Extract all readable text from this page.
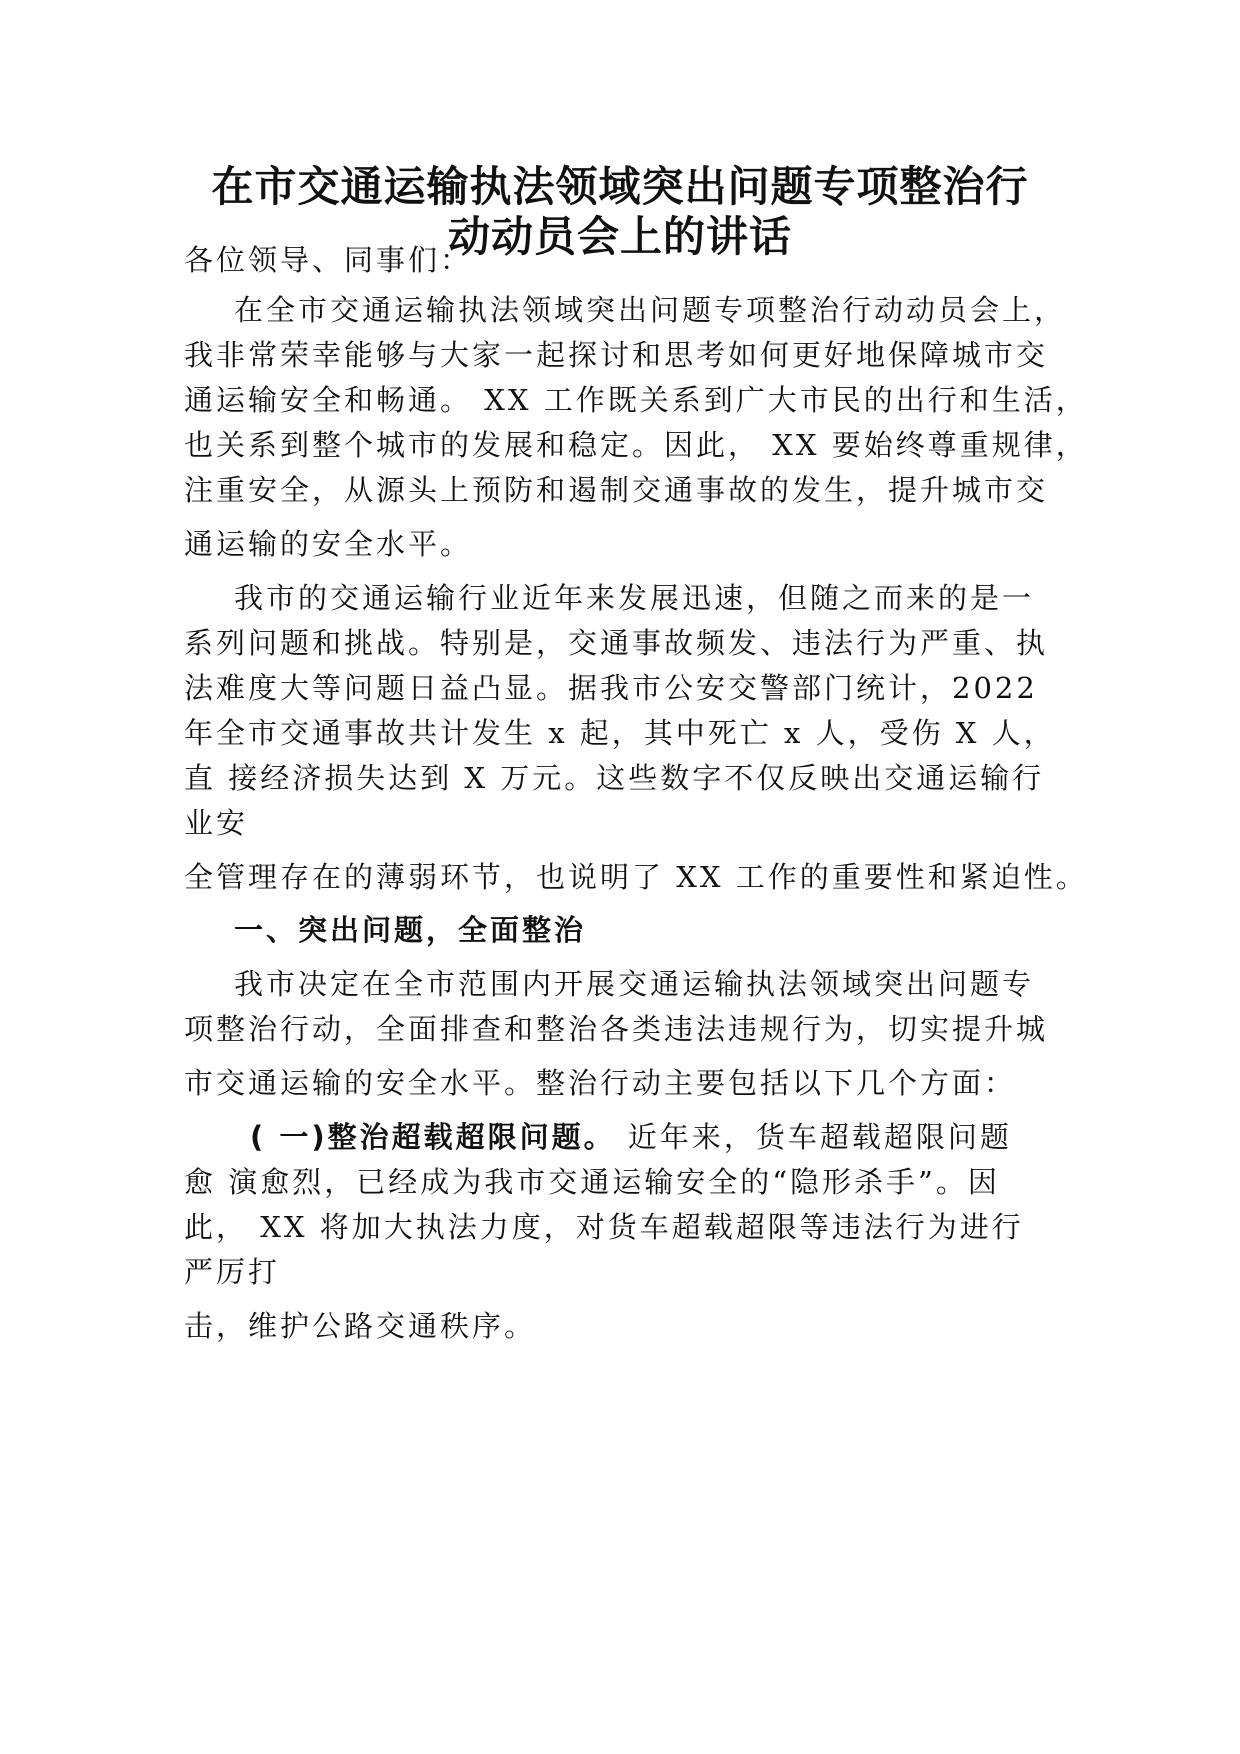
在市交通运输执法领域突出问题专项整治行
动动员会上的讲话
各位领导、同事们：
在全市交通运输执法领域突出问题专项整治行动动员会上，
我非常荣幸能够与大家一起探讨和思考如何更好地保障城市交
通运输安全和畅通。 XX 工作既关系到广大市民的出行和生活，
也关系到整个城市的发展和稳定。因此， XX 要始终尊重规律，
注重安全，从源头上预防和遏制交通事故的发生，提升城市交
通运输的安全水平。
我市的交通运输行业近年来发展迅速，但随之而来的是一
系列问题和挑战。特别是，交通事故频发、违法行为严重、执
法难度大等问题日益凸显。据我市公安交警部门统计，2022
年全市交通事故共计发生 x 起，其中死亡 x 人，受伤 X 人，
直 接经济损失达到 X 万元。这些数字不仅反映出交通运输行
业安
全管理存在的薄弱环节，也说明了 XX 工作的重要性和紧迫性。
一、突出问题，全面整治
我市决定在全市范围内开展交通运输执法领域突出问题专
项整治行动，全面排查和整治各类违法违规行为，切实提升城
市交通运输的安全水平。整治行动主要包括以下几个方面：
( 一)整治超载超限问题。 近年来，货车超载超限问题
愈 演愈烈，已经成为我市交通运输安全的“隐形杀手”。因
此， XX 将加大执法力度，对货车超载超限等违法行为进行
严厉打
击，维护公路交通秩序。
